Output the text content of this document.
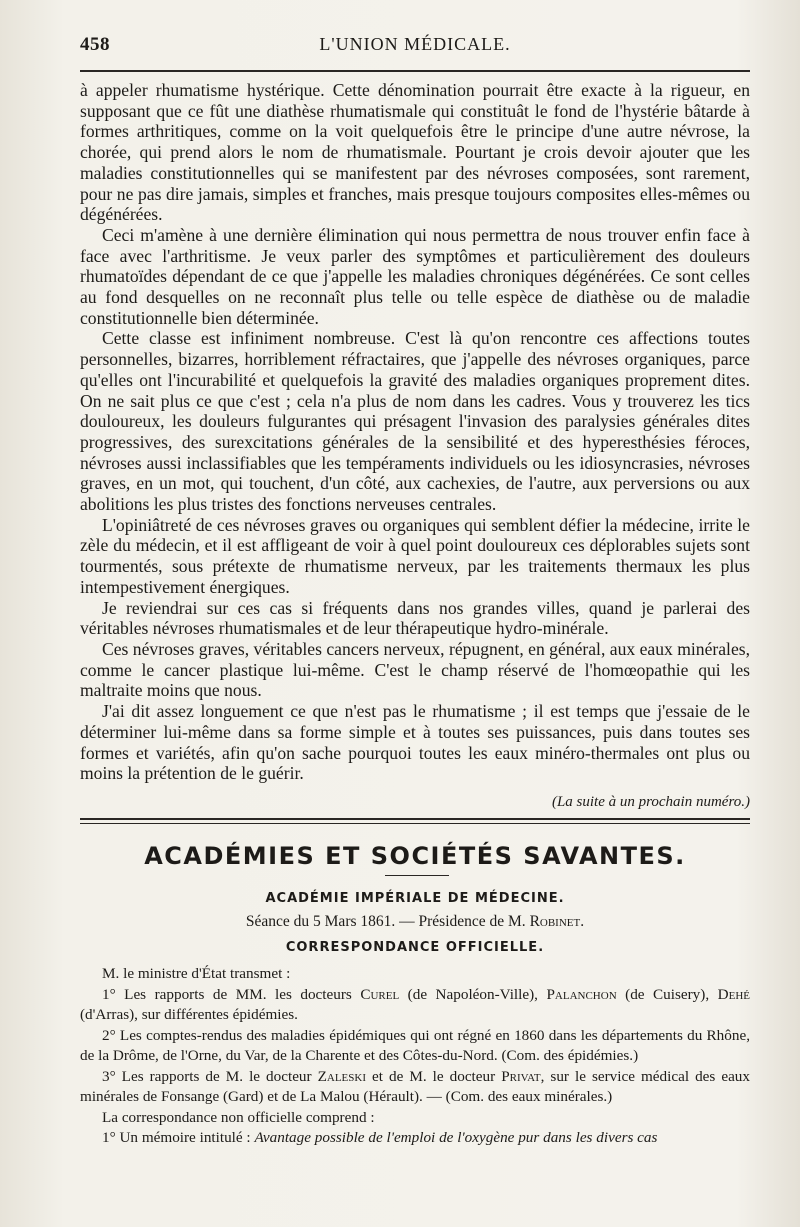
458	L'UNION MÉDICALE.

à appeler rhumatisme hystérique. Cette dénomination pourrait être exacte à la rigueur, en supposant que ce fût une diathèse rhumatismale qui constituât le fond de l'hystérie bâtarde à formes arthritiques, comme on la voit quelquefois être le principe d'une autre névrose, la chorée, qui prend alors le nom de rhumatismale. Pourtant je crois devoir ajouter que les maladies constitutionnelles qui se manifestent par des névroses composées, sont rarement, pour ne pas dire jamais, simples et franches, mais presque toujours composites elles-mêmes ou dégénérées.

Ceci m'amène à une dernière élimination qui nous permettra de nous trouver enfin face à face avec l'arthritisme. Je veux parler des symptômes et particulièrement des douleurs rhumatoïdes dépendant de ce que j'appelle les maladies chroniques dégénérées. Ce sont celles au fond desquelles on ne reconnaît plus telle ou telle espèce de diathèse ou de maladie constitutionnelle bien déterminée.

Cette classe est infiniment nombreuse. C'est là qu'on rencontre ces affections toutes personnelles, bizarres, horriblement réfractaires, que j'appelle des névroses organiques, parce qu'elles ont l'incurabilité et quelquefois la gravité des maladies organiques proprement dites. On ne sait plus ce que c'est ; cela n'a plus de nom dans les cadres. Vous y trouverez les tics douloureux, les douleurs fulgurantes qui présagent l'invasion des paralysies générales dites progressives, des surexcitations générales de la sensibilité et des hyperesthésies féroces, névroses aussi inclassifiables que les tempéraments individuels ou les idiosyncrasies, névroses graves, en un mot, qui touchent, d'un côté, aux cachexies, de l'autre, aux perversions ou aux abolitions les plus tristes des fonctions nerveuses centrales.

L'opiniâtreté de ces névroses graves ou organiques qui semblent défier la médecine, irrite le zèle du médecin, et il est affligeant de voir à quel point douloureux ces déplorables sujets sont tourmentés, sous prétexte de rhumatisme nerveux, par les traitements thermaux les plus intempestivement énergiques.

Je reviendrai sur ces cas si fréquents dans nos grandes villes, quand je parlerai des véritables névroses rhumatismales et de leur thérapeutique hydro-minérale.

Ces névroses graves, véritables cancers nerveux, répugnent, en général, aux eaux minérales, comme le cancer plastique lui-même. C'est le champ réservé de l'homœopathie qui les maltraite moins que nous.

J'ai dit assez longuement ce que n'est pas le rhumatisme ; il est temps que j'essaie de le déterminer lui-même dans sa forme simple et à toutes ses puissances, puis dans toutes ses formes et variétés, afin qu'on sache pourquoi toutes les eaux minéro-thermales ont plus ou moins la prétention de le guérir.

(La suite à un prochain numéro.)
ACADÉMIES ET SOCIÉTÉS SAVANTES.
ACADÉMIE IMPÉRIALE DE MÉDECINE.
Séance du 5 Mars 1861. — Présidence de M. Robinet.
CORRESPONDANCE OFFICIELLE.

M. le ministre d'État transmet :

1° Les rapports de MM. les docteurs Curel (de Napoléon-Ville), Palanchon (de Cuisery), Dehé (d'Arras), sur différentes épidémies.

2° Les comptes-rendus des maladies épidémiques qui ont régné en 1860 dans les départements du Rhône, de la Drôme, de l'Orne, du Var, de la Charente et des Côtes-du-Nord. (Com. des épidémies.)

3° Les rapports de M. le docteur Zaleski et de M. le docteur Privat, sur le service médical des eaux minérales de Fonsange (Gard) et de La Malou (Hérault). — (Com. des eaux minérales.)

La correspondance non officielle comprend :

1° Un mémoire intitulé : Avantage possible de l'emploi de l'oxygène pur dans les divers cas
